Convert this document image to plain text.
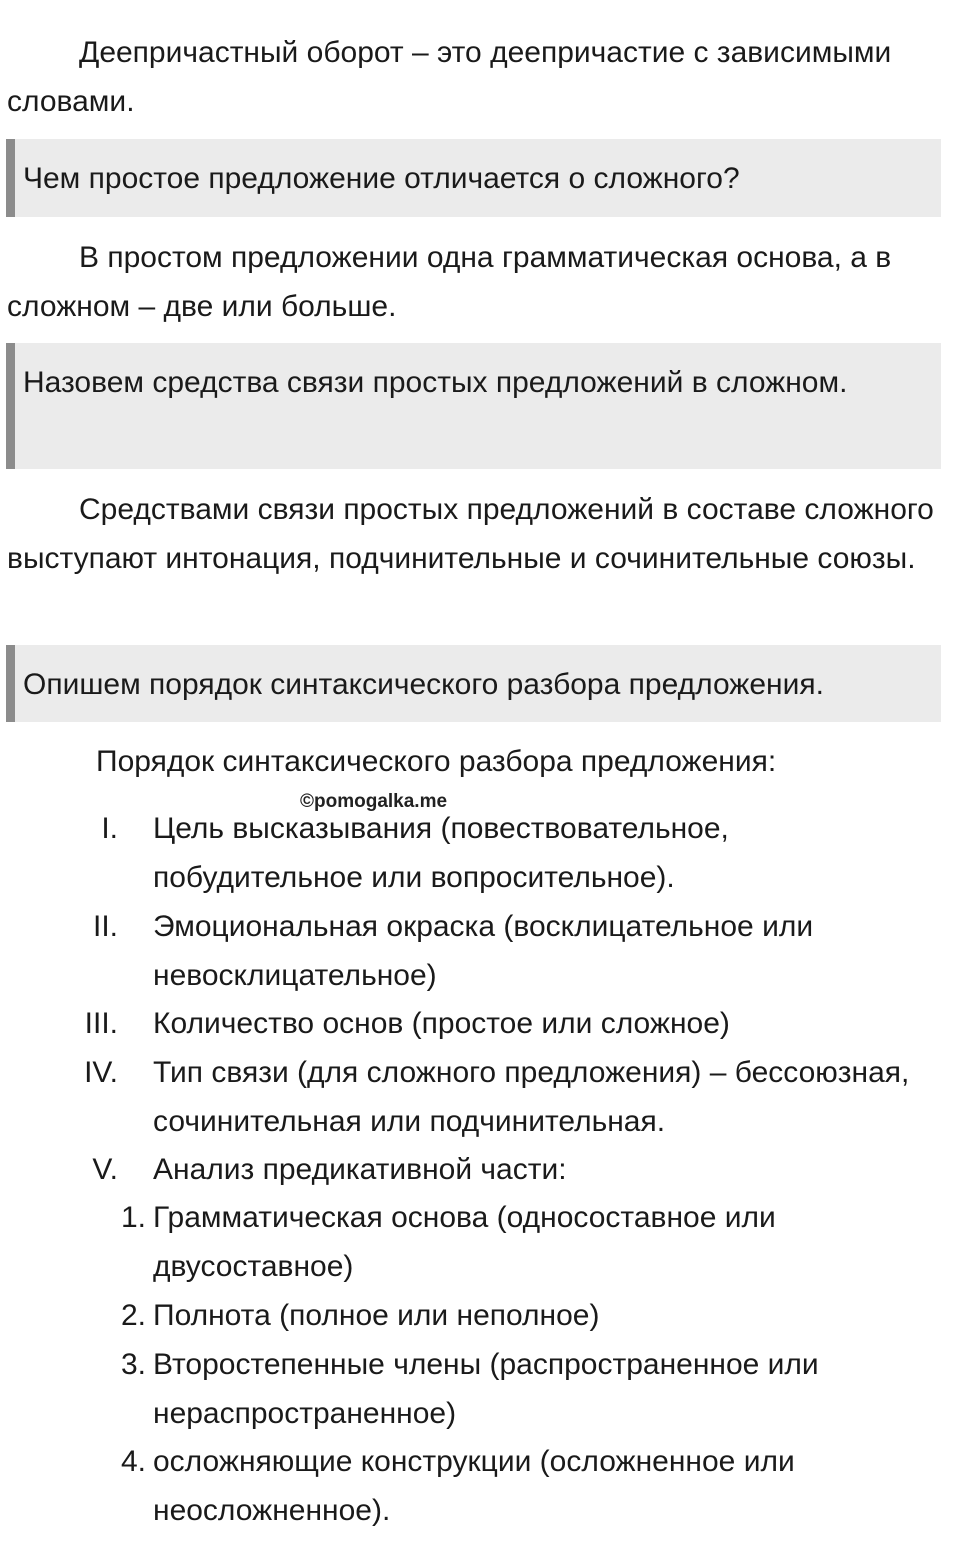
Деепричастный оборот – это деепричастие с зависимыми словами.

Чем простое предложение отличается о сложного?

В простом предложении одна грамматическая основа, а в сложном – две или больше.

Назовем средства связи простых предложений в сложном.

Средствами связи простых предложений в составе сложного выступают интонация, подчинительные и сочинительные союзы.

Опишем порядок синтаксического разбора предложения.

Порядок синтаксического разбора предложения:

©pomogalka.me
I. Цель высказывания (повествовательное, побудительное или вопросительное).
II. Эмоциональная окраска (восклицательное или невосклицательное)
III. Количество основ (простое или сложное)
IV. Тип связи (для сложного предложения) – бессоюзная, сочинительная или подчинительная.
V. Анализ предикативной части:
1. Грамматическая основа (односоставное или двусоставное)
2. Полнота (полное или неполное)
3. Второстепенные члены (распространенное или нераспространенное)
4. осложняющие конструкции (осложненное или неосложненное).
